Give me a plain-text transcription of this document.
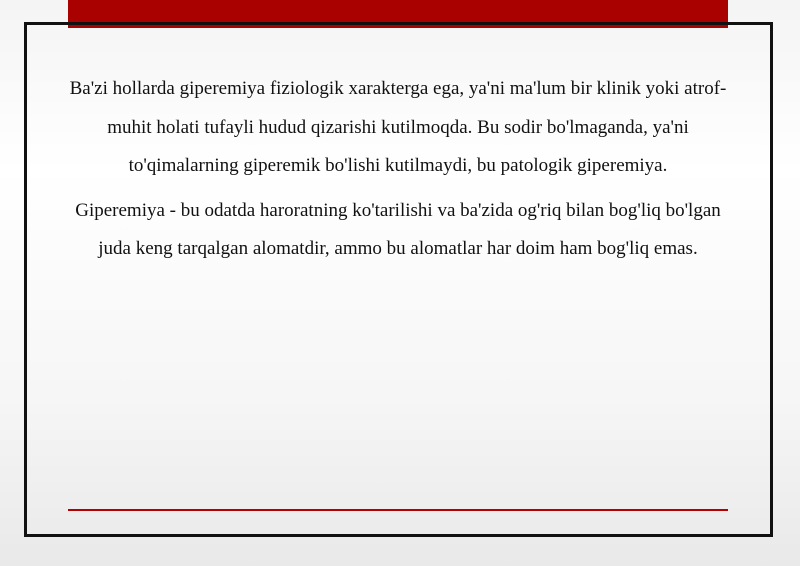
Ba'zi hollarda giperemiya fiziologik xarakterga ega, ya'ni ma'lum bir klinik yoki atrof-muhit holati tufayli hudud qizarishi kutilmoqda. Bu sodir bo'lmaganda, ya'ni to'qimalarning giperemik bo'lishi kutilmaydi, bu patologik giperemiya.

Giperemiya - bu odatda haroratning ko'tarilishi va ba'zida og'riq bilan bog'liq bo'lgan juda keng tarqalgan alomatdir, ammo bu alomatlar har doim ham bog'liq emas.
